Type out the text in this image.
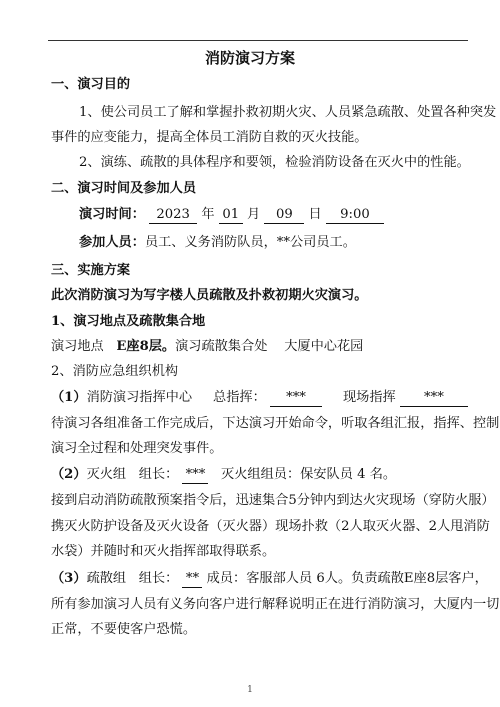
消防演习方案
一、演习目的
1、使公司员工了解和掌握扑救初期火灾、人员紧急疏散、处置各种突发
事件的应变能力，提高全体员工消防自救的灭火技能。
2、演练、疏散的具体程序和要领，检验消防设备在灭火中的性能。
二、演习时间及参加人员
演习时间： 2023 年 01 月 09 日 9:00
参加人员：员工、义务消防队员，**公司员工。
三、实施方案
此次消防演习为写字楼人员疏散及扑救初期火灾演习。
1、演习地点及疏散集合地
演习地点 E座8层。演习疏散集合处 大厦中心花园
2、消防应急组织机构
（1）消防演习指挥中心 总指挥： ***	现场指挥 ***
待演习各组准备工作完成后，下达演习开始命令，听取各组汇报，指挥、控制
演习全过程和处理突发事件。
（2）灭火组 组长： *** 灭火组组员：保安队员 4 名。
接到启动消防疏散预案指令后，迅速集合5分钟内到达火灾现场（穿防火服）
携灭火防护设备及灭火设备（灭火器）现场扑救（2人取灭火器、2人甩消防
水袋）并随时和灭火指挥部取得联系。
（3）疏散组 组长： ** 成员：客服部人员 6人。负责疏散E座8层客户，
所有参加演习人员有义务向客户进行解释说明正在进行消防演习，大厦内一切
正常，不要使客户恐慌。
1
